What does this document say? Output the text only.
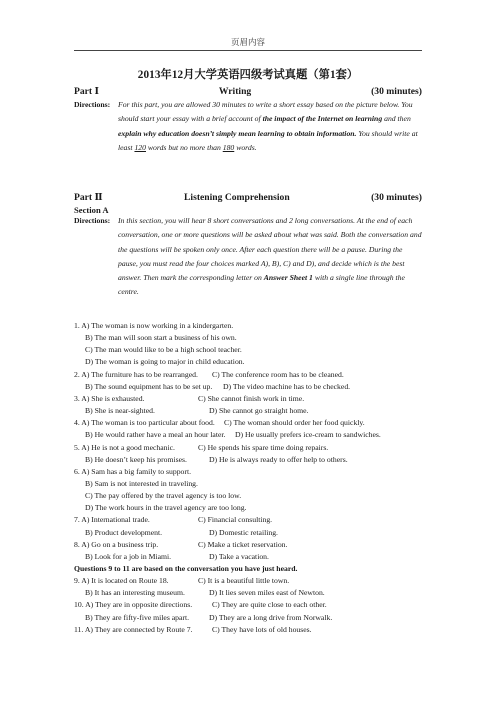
页眉内容
2013年12月大学英语四级考试真题（第1套）
Part Ⅰ	Writing	(30 minutes)
Directions: For this part, you are allowed 30 minutes to write a short essay based on the picture below. You should start your essay with a brief account of the impact of the Internet on learning and then explain why education doesn’t simply mean learning to obtain information. You should write at least 120 words but no more than 180 words.
Part Ⅱ	Listening Comprehension	(30 minutes)
Section A
Directions: In this section, you will hear 8 short conversations and 2 long conversations. At the end of each conversation, one or more questions will be asked about what was said. Both the conversation and the questions will be spoken only once. After each question there will be a pause. During the pause, you must read the four choices marked A), B), C) and D), and decide which is the best answer. Then mark the corresponding letter on Answer Sheet 1 with a single line through the centre.
1. A) The woman is now working in a kindergarten.
B) The man will soon start a business of his own.
C) The man would like to be a high school teacher.
D) The woman is going to major in child education.
2. A) The furniture has to be rearranged. C) The conference room has to be cleaned.
B) The sound equipment has to be set up. D) The video machine has to be checked.
3. A) She is exhausted.	C) She cannot finish work in time.
B) She is near-sighted.	D) She cannot go straight home.
4. A) The woman is too particular about food. C) The woman should order her food quickly.
B) He would rather have a meal an hour later. D) He usually prefers ice-cream to sandwiches.
5. A) He is not a good mechanic.	C) He spends his spare time doing repairs.
B) He doesn’t keep his promises.	D) He is always ready to offer help to others.
6. A) Sam has a big family to support.
B) Sam is not interested in traveling.
C) The pay offered by the travel agency is too low.
D) The work hours in the travel agency are too long.
7. A) International trade.	C) Financial consulting.
B) Product development.	D) Domestic retailing.
8. A) Go on a business trip.	C) Make a ticket reservation.
B) Look for a job in Miami.	D) Take a vacation.
Questions 9 to 11 are based on the conversation you have just heard.
9. A) It is located on Route 18.	C) It is a beautiful little town.
B) It has an interesting museum.	D) It lies seven miles east of Newton.
10. A) They are in opposite directions.	C) They are quite close to each other.
B) They are fifty-five miles apart.	D) They are a long drive from Norwalk.
11. A) They are connected by Route 7.	C) They have lots of old houses.
